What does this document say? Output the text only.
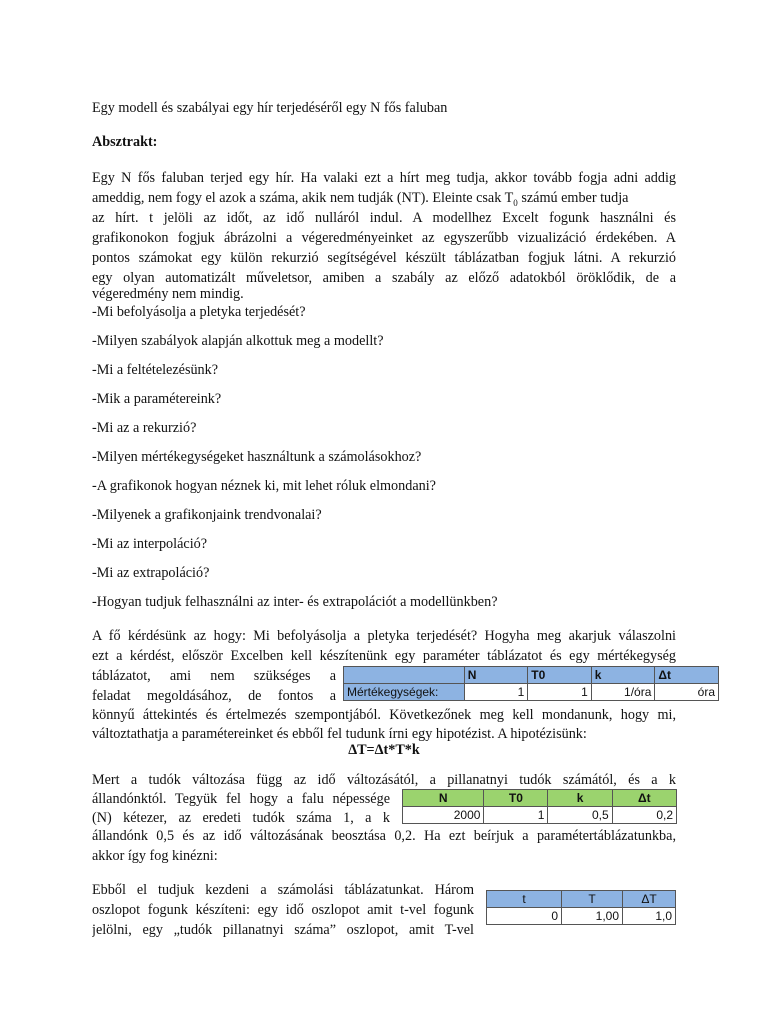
Egy modell és szabályai egy hír terjedéséről egy N fős faluban
Absztrakt:
Egy N fős faluban terjed egy hír. Ha valaki ezt a hírt meg tudja, akkor tovább fogja adni addig
ameddig, nem fogy el azok a száma, akik nem tudják (NT). Eleinte csak $T_0$ számú ember tudja
az hírt. t jelöli az időt, az idő nulláról indul. A modellhez Excelt fogunk használni és
grafikonokon fogjuk ábrázolni a végeredményeinket az egyszerűbb vizualizáció érdekében. A
pontos számokat egy külön rekurzió segítségével készült táblázatban fogjuk látni. A rekurzió
egy olyan automatizált műveletsor, amiben a szabály az előző adatokból öröklődik, de a
végeredmény nem mindig.
-Mi befolyásolja a pletyka terjedését?
-Milyen szabályok alapján alkottuk meg a modellt?
-Mi a feltételezésünk?
-Mik a paramétereink?
-Mi az a rekurzió?
-Milyen mértékegységeket használtunk a számolásokhoz?
-A grafikonok hogyan néznek ki, mit lehet róluk elmondani?
-Milyenek a grafikonjaink trendvonalai?
-Mi az interpoláció?
-Mi az extrapoláció?
-Hogyan tudjuk felhasználni az inter- és extrapolációt a modellünkben?
A fő kérdésünk az hogy: Mi befolyásolja a pletyka terjedését? Hogyha meg akarjuk válaszolni
ezt a kérdést, először Excelben kell készítenünk egy paraméter táblázatot és egy mértékegység
táblázatot, ami nem szükséges a
feladat megoldásához, de fontos a
könnyű áttekintés és értelmezés szempontjából. Következőnek meg kell mondanunk, hogy mi,
változtathatja a paramétereinket és ebből fel tudunk írni egy hipotézist. A hipotézisünk:
	N	T0	k	Δt
Mértékegységek:	1	1	1/óra	óra
ΔT=Δt*T*k
Mert a tudók változása függ az idő változásától, a pillanatnyi tudók számától, és a k
állandónktól. Tegyük fel hogy a falu népessége
(N) kétezer, az eredeti tudók száma 1, a k
állandónk 0,5 és az idő változásának beosztása 0,2. Ha ezt beírjuk a paramétertáblázatunkba,
akkor így fog kinézni:
N	T0	k	Δt
2000	1	0,5	0,2
Ebből el tudjuk kezdeni a számolási táblázatunkat. Három
oszlopot fogunk készíteni: egy idő oszlopot amit t-vel fogunk
jelölni, egy „tudók pillanatnyi száma” oszlopot, amit T-vel
t	T	ΔT
0	1,00	1,0
